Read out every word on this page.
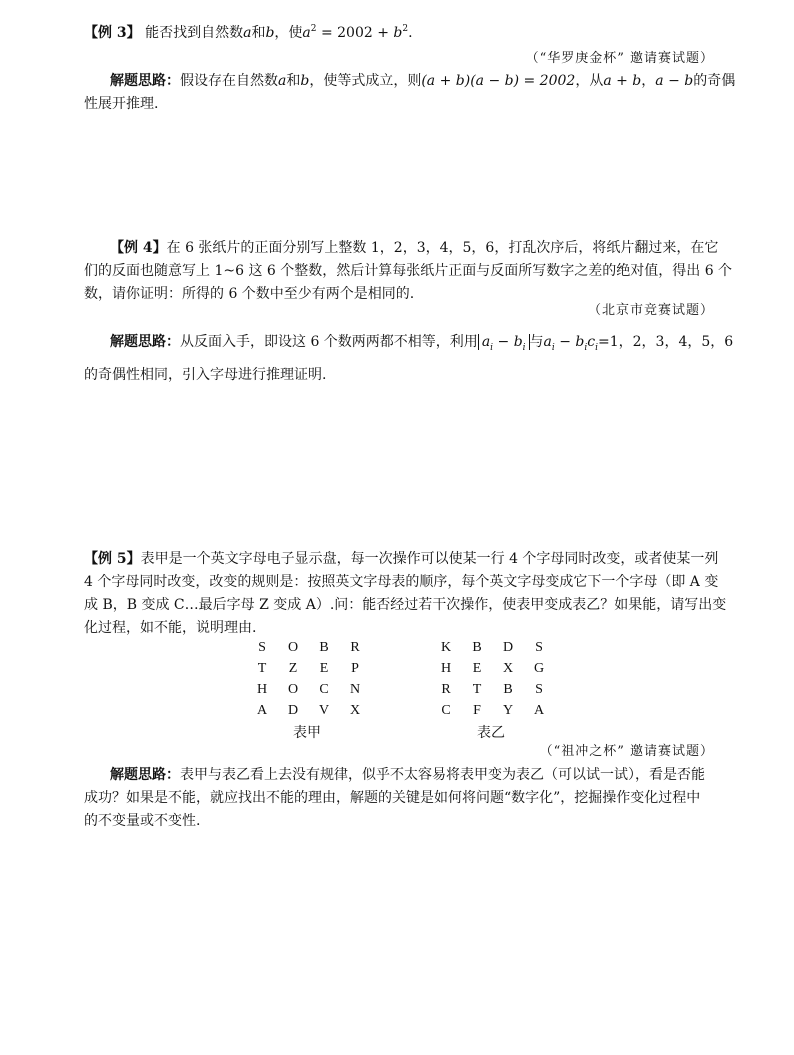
【例 3】 能否找到自然数a和b，使$a^2 = 2002 + b^2$.
（“华罗庚金杯” 邀请赛试题）
解题思路：假设存在自然数a和b，使等式成立，则(a + b)(a − b) = 2002，从a + b，a − b的奇偶
性展开推理.
【例 4】在 6 张纸片的正面分别写上整数 1，2，3，4，5，6，打乱次序后，将纸片翻过来，在它
们的反面也随意写上 1~6 这 6 个整数，然后计算每张纸片正面与反面所写数字之差的绝对值，得出 6 个
数，请你证明：所得的 6 个数中至少有两个是相同的.
（北京市竞赛试题）
解题思路：从反面入手，即设这 6 个数两两都不相等，利用 $a_i - b_i$ 与$a_i - b_ic_i=1$，2，3，4，5，6
的奇偶性相同，引入字母进行推理证明.
【例 5】表甲是一个英文字母电子显示盘，每一次操作可以使某一行 4 个字母同时改变，或者使某一列
4 个字母同时改变，改变的规则是：按照英文字母表的顺序，每个英文字母变成它下一个字母（即 A 变
成 B，B 变成 C…最后字母 Z 变成 A）.问：能否经过若干次操作，使表甲变成表乙？如果能，请写出变
化过程，如不能，说明理由.
S	O	B	R
T	Z	E	P
H	O	C	N
A	D	V	X
K	B	D	S
H	E	X	G
R	T	B	S
C	F	Y	A
表甲	表乙
（“祖冲之杯” 邀请赛试题）
解题思路：表甲与表乙看上去没有规律，似乎不太容易将表甲变为表乙（可以试一试），看是否能
成功？如果是不能，就应找出不能的理由，解题的关键是如何将问题“数字化”，挖掘操作变化过程中
的不变量或不变性.
